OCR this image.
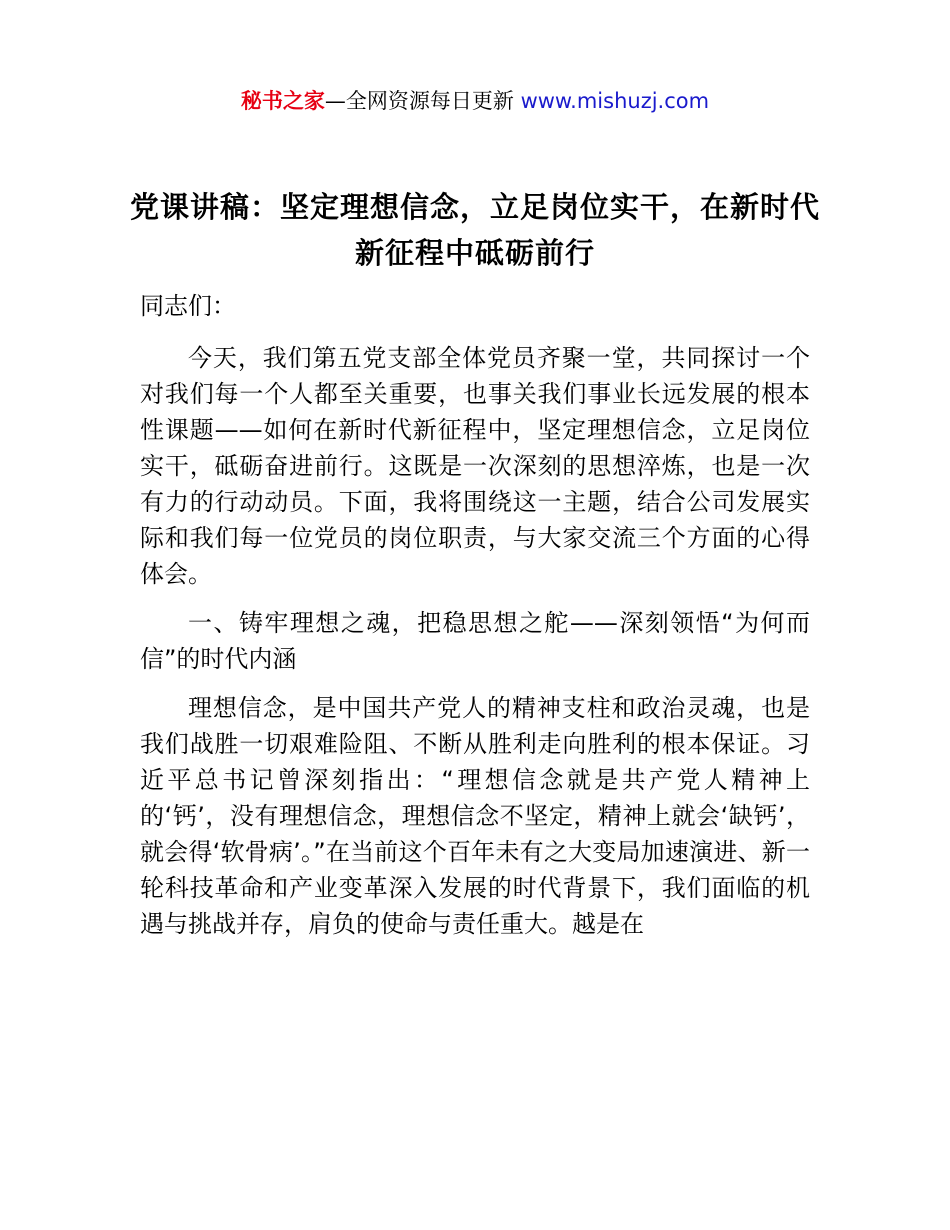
秘书之家—全网资源每日更新 www.mishuzj.com
党课讲稿：坚定理想信念，立足岗位实干，在新时代新征程中砥砺前行

同志们：

今天，我们第五党支部全体党员齐聚一堂，共同探讨一个对我们每一个人都至关重要，也事关我们事业长远发展的根本性课题——如何在新时代新征程中，坚定理想信念，立足岗位实干，砥砺奋进前行。这既是一次深刻的思想淬炼，也是一次有力的行动动员。下面，我将围绕这一主题，结合公司发展实际和我们每一位党员的岗位职责，与大家交流三个方面的心得体会。

一、铸牢理想之魂，把稳思想之舵——深刻领悟“为何而信”的时代内涵

理想信念，是中国共产党人的精神支柱和政治灵魂，也是我们战胜一切艰难险阻、不断从胜利走向胜利的根本保证。习近平总书记曾深刻指出：“理想信念就是共产党人精神上的‘钙’，没有理想信念，理想信念不坚定，精神上就会‘缺钙’，就会得‘软骨病’。”在当前这个百年未有之大变局加速演进、新一轮科技革命和产业变革深入发展的时代背景下，我们面临的机遇与挑战并存，肩负的使命与责任重大。越是在
